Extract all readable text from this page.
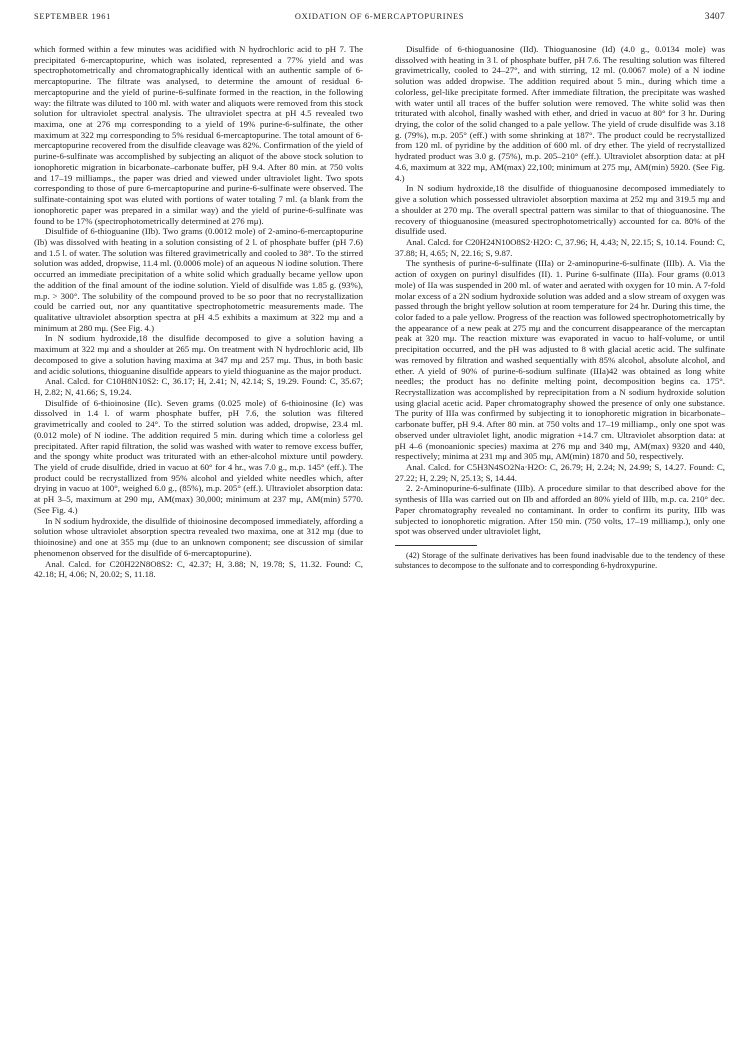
SEPTEMBER 1961	OXIDATION OF 6-MERCAPTOPURINES	3407

which formed within a few minutes was acidified with N hydrochloric acid to pH 7. The precipitated 6-mercaptopurine, which was isolated, represented a 77% yield and was spectrophotometrically and chromatographically identical with an authentic sample of 6-mercaptopurine. The filtrate was analysed, to determine the amount of residual 6-mercaptopurine and the yield of purine-6-sulfinate formed in the reaction, in the following way: the filtrate was diluted to 100 ml. with water and aliquots were removed from this stock solution for ultraviolet spectral analysis. The ultraviolet spectra at pH 4.5 revealed two maxima, one at 276 mμ corresponding to a yield of 19% purine-6-sulfinate, the other maximum at 322 mμ corresponding to 5% residual 6-mercaptopurine. The total amount of 6-mercaptopurine recovered from the disulfide cleavage was 82%. Confirmation of the yield of purine-6-sulfinate was accomplished by subjecting an aliquot of the above stock solution to ionophoretic migration in bicarbonate–carbonate buffer, pH 9.4. After 80 min. at 750 volts and 17–19 milliamps., the paper was dried and viewed under ultraviolet light. Two spots corresponding to those of pure 6-mercaptopurine and purine-6-sulfinate were observed. The sulfinate-containing spot was eluted with portions of water totaling 7 ml. (a blank from the ionophoretic paper was prepared in a similar way) and the yield of purine-6-sulfinate was found to be 17% (spectrophotometrically determined at 276 mμ).

Disulfide of 6-thioguanine (IIb). Two grams (0.0012 mole) of 2-amino-6-mercaptopurine (Ib) was dissolved with heating in a solution consisting of 2 l. of phosphate buffer (pH 7.6) and 1.5 l. of water. The solution was filtered gravimetrically and cooled to 38°. To the stirred solution was added, dropwise, 11.4 ml. (0.0006 mole) of an aqueous N iodine solution. There occurred an immediate precipitation of a white solid which gradually became yellow upon the addition of the final amount of the iodine solution. Yield of disulfide was 1.85 g. (93%), m.p. > 300°. The solubility of the compound proved to be so poor that no recrystallization could be carried out, nor any quantitative spectrophotometric measurements made. The qualitative ultraviolet absorption spectra at pH 4.5 exhibits a maximum at 322 mμ and a minimum at 280 mμ. (See Fig. 4.)

In N sodium hydroxide,18 the disulfide decomposed to give a solution having a maximum at 322 mμ and a shoulder at 265 mμ. On treatment with N hydrochloric acid, IIb decomposed to give a solution having maxima at 347 mμ and 257 mμ. Thus, in both basic and acidic solutions, thioguanine disulfide appears to yield thioguanine as the major product.

Anal. Calcd. for C10H8N10S2: C, 36.17; H, 2.41; N, 42.14; S, 19.29. Found: C, 35.67; H, 2.82; N, 41.66; S, 19.24.

Disulfide of 6-thioinosine (IIc). Seven grams (0.025 mole) of 6-thioinosine (Ic) was dissolved in 1.4 l. of warm phosphate buffer, pH 7.6, the solution was filtered gravimetrically and cooled to 24°. To the stirred solution was added, dropwise, 23.4 ml. (0.012 mole) of N iodine. The addition required 5 min. during which time a colorless gel precipitated. After rapid filtration, the solid was washed with water to remove excess buffer, and the spongy white product was triturated with an ether-alcohol mixture until powdery. The yield of crude disulfide, dried in vacuo at 60° for 4 hr., was 7.0 g., m.p. 145° (eff.). The product could be recrystallized from 95% alcohol and yielded white needles which, after drying in vacuo at 100°, weighed 6.0 g., (85%), m.p. 205° (eff.). Ultraviolet absorption data: at pH 3–5, maximum at 290 mμ, AM(max) 30,000; minimum at 237 mμ, AM(min) 5770. (See Fig. 4.)

In N sodium hydroxide, the disulfide of thioinosine decomposed immediately, affording a solution whose ultraviolet absorption spectra revealed two maxima, one at 312 mμ (due to thioinosine) and one at 355 mμ (due to an unknown component; see discussion of similar phenomenon observed for the disulfide of 6-mercaptopurine).

Anal. Calcd. for C20H22N8O8S2: C, 42.37; H, 3.88; N, 19.78; S, 11.32. Found: C, 42.18; H, 4.06; N, 20.02; S, 11.18.

Disulfide of 6-thioguanosine (IId). Thioguanosine (Id) (4.0 g., 0.0134 mole) was dissolved with heating in 3 l. of phosphate buffer, pH 7.6. The resulting solution was filtered gravimetrically, cooled to 24–27°, and with stirring, 12 ml. (0.0067 mole) of a N iodine solution was added dropwise. The addition required about 5 min., during which time a colorless, gel-like precipitate formed. After immediate filtration, the precipitate was washed with water until all traces of the buffer solution were removed. The white solid was then triturated with alcohol, finally washed with ether, and dried in vacuo at 80° for 3 hr. During drying, the color of the solid changed to a pale yellow. The yield of crude disulfide was 3.18 g. (79%), m.p. 205° (eff.) with some shrinking at 187°. The product could be recrystallized from 120 ml. of pyridine by the addition of 600 ml. of dry ether. The yield of recrystallized hydrated product was 3.0 g. (75%), m.p. 205–210° (eff.). Ultraviolet absorption data: at pH 4.6, maximum at 322 mμ, AM(max) 22,100; minimum at 275 mμ, AM(min) 5920. (See Fig. 4.)

In N sodium hydroxide,18 the disulfide of thioguanosine decomposed immediately to give a solution which possessed ultraviolet absorption maxima at 252 mμ and 319.5 mμ and a shoulder at 270 mμ. The overall spectral pattern was similar to that of thioguanosine. The recovery of thioguanosine (measured spectrophotometrically) accounted for ca. 80% of the disulfide used.

Anal. Calcd. for C20H24N10O8S2·H2O: C, 37.96; H, 4.43; N, 22.15; S, 10.14. Found: C, 37.88; H, 4.65; N, 22.16; S, 9.87.

The synthesis of purine-6-sulfinate (IIIa) or 2-aminopurine-6-sulfinate (IIIb). A. Via the action of oxygen on purinyl disulfides (II). 1. Purine 6-sulfinate (IIIa). Four grams (0.013 mole) of IIa was suspended in 200 ml. of water and aerated with oxygen for 10 min. A 7-fold molar excess of a 2N sodium hydroxide solution was added and a slow stream of oxygen was passed through the bright yellow solution at room temperature for 24 hr. During this time, the color faded to a pale yellow. Progress of the reaction was followed spectrophotometrically by the appearance of a new peak at 275 mμ and the concurrent disappearance of the mercaptan peak at 320 mμ. The reaction mixture was evaporated in vacuo to half-volume, or until precipitation occurred, and the pH was adjusted to 8 with glacial acetic acid. The sulfinate was removed by filtration and washed sequentially with 85% alcohol, absolute alcohol, and ether. A yield of 90% of purine-6-sodium sulfinate (IIIa)42 was obtained as long white needles; the product has no definite melting point, decomposition begins ca. 175°. Recrystallization was accomplished by reprecipitation from a N sodium hydroxide solution using glacial acetic acid. Paper chromatography showed the presence of only one substance. The purity of IIIa was confirmed by subjecting it to ionophoretic migration in bicarbonate–carbonate buffer, pH 9.4. After 80 min. at 750 volts and 17–19 milliamp., only one spot was observed under ultraviolet light, anodic migration +14.7 cm. Ultraviolet absorption data: at pH 4–6 (monoanionic species) maxima at 276 mμ and 340 mμ, AM(max) 9320 and 440, respectively; minima at 231 mμ and 305 mμ, AM(min) 1870 and 50, respectively.

Anal. Calcd. for C5H3N4SO2Na·H2O: C, 26.79; H, 2.24; N, 24.99; S, 14.27. Found: C, 27.22; H, 2.29; N, 25.13; S, 14.44.

2. 2-Aminopurine-6-sulfinate (IIIb). A procedure similar to that described above for the synthesis of IIIa was carried out on IIb and afforded an 80% yield of IIIb, m.p. ca. 210° dec. Paper chromatography revealed no contaminant. In order to confirm its purity, IIIb was subjected to ionophoretic migration. After 150 min. (750 volts, 17–19 milliamp.), only one spot was observed under ultraviolet light,

(42) Storage of the sulfinate derivatives has been found inadvisable due to the tendency of these substances to decompose to the sulfonate and to corresponding 6-hydroxypurine.
